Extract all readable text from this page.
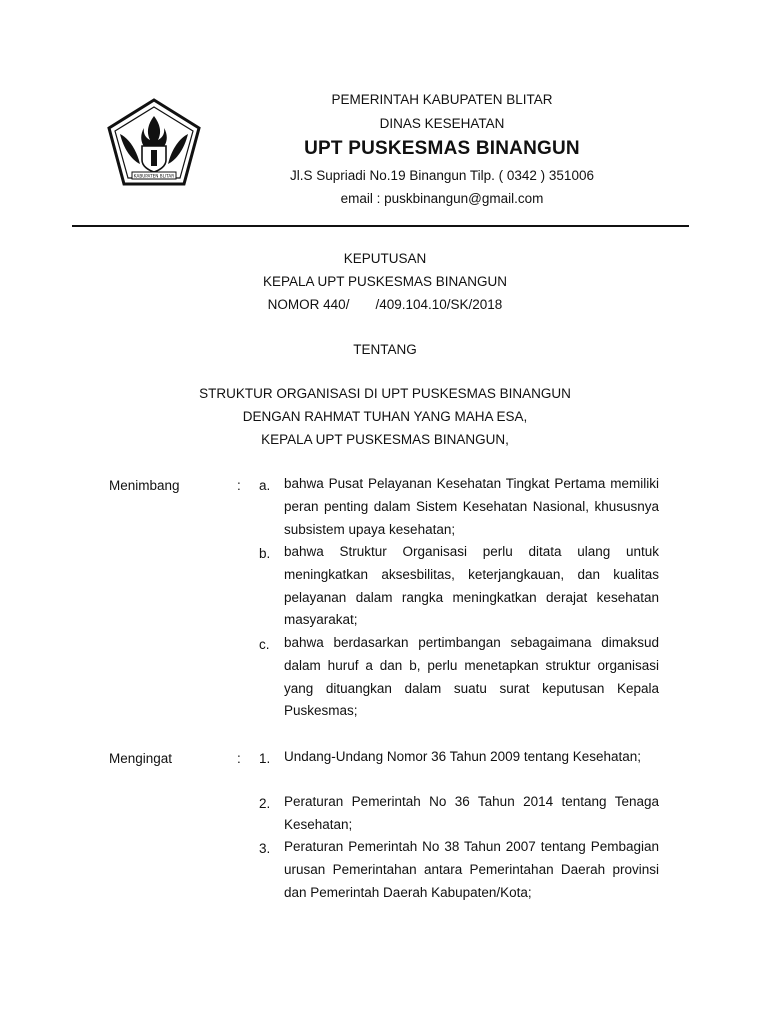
KABUPATEN BLITAR
PEMERINTAH KABUPATEN BLITAR
DINAS KESEHATAN
UPT PUSKESMAS BINANGUN
Jl.S Supriadi No.19 Binangun Tilp. ( 0342 ) 351006
email : puskbinangun@gmail.com
KEPUTUSAN
KEPALA UPT PUSKESMAS BINANGUN
NOMOR 440/ /409.104.10/SK/2018
TENTANG
STRUKTUR ORGANISASI DI UPT PUSKESMAS BINANGUN
DENGAN RAHMAT TUHAN YANG MAHA ESA,
KEPALA UPT PUSKESMAS BINANGUN,
Menimbang	: a. bahwa Pusat Pelayanan Kesehatan Tingkat Pertama memiliki peran penting dalam Sistem Kesehatan Nasional, khususnya subsistem upaya kesehatan;
b. bahwa Struktur Organisasi perlu ditata ulang untuk meningkatkan aksesbilitas, keterjangkauan, dan kualitas pelayanan dalam rangka meningkatkan derajat kesehatan masyarakat;
c. bahwa berdasarkan pertimbangan sebagaimana dimaksud dalam huruf a dan b, perlu menetapkan struktur organisasi yang dituangkan dalam suatu surat keputusan Kepala Puskesmas;
Mengingat	: 1. Undang-Undang Nomor 36 Tahun 2009 tentang Kesehatan;
2. Peraturan Pemerintah No 36 Tahun 2014 tentang Tenaga Kesehatan;
3. Peraturan Pemerintah No 38 Tahun 2007 tentang Pembagian urusan Pemerintahan antara Pemerintahan Daerah provinsi dan Pemerintah Daerah Kabupaten/Kota;
